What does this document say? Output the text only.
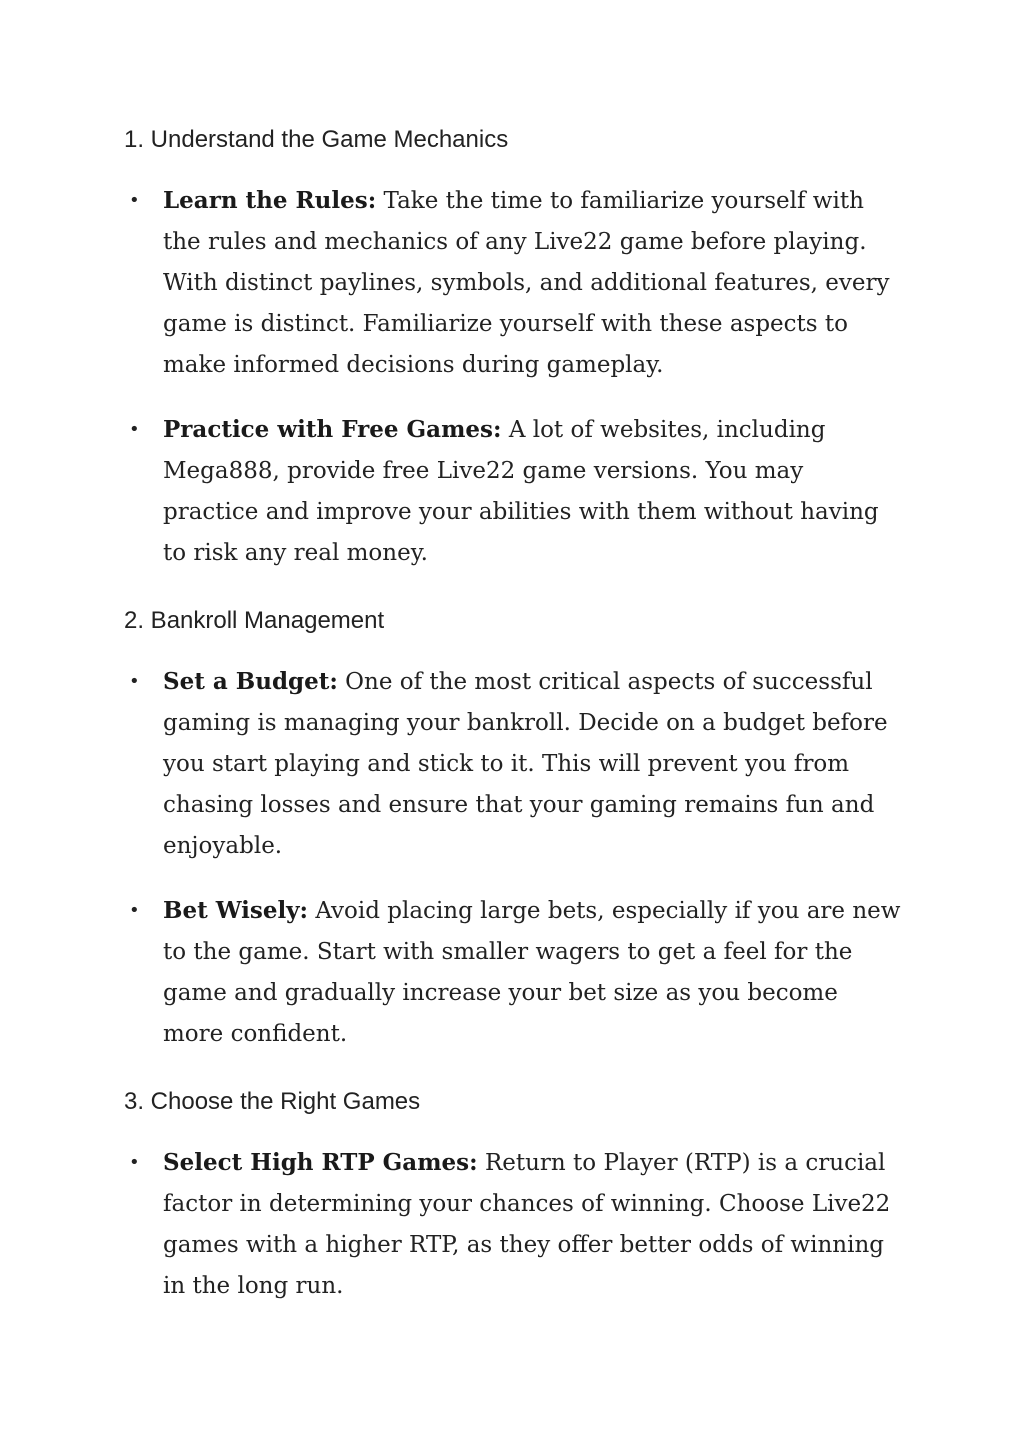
1. Understand the Game Mechanics
• Learn the Rules: Take the time to familiarize yourself with the rules and mechanics of any Live22 game before playing. With distinct paylines, symbols, and additional features, every game is distinct. Familiarize yourself with these aspects to make informed decisions during gameplay.
• Practice with Free Games: A lot of websites, including Mega888, provide free Live22 game versions. You may practice and improve your abilities with them without having to risk any real money.
2. Bankroll Management
• Set a Budget: One of the most critical aspects of successful gaming is managing your bankroll. Decide on a budget before you start playing and stick to it. This will prevent you from chasing losses and ensure that your gaming remains fun and enjoyable.
• Bet Wisely: Avoid placing large bets, especially if you are new to the game. Start with smaller wagers to get a feel for the game and gradually increase your bet size as you become more confident.
3. Choose the Right Games
• Select High RTP Games: Return to Player (RTP) is a crucial factor in determining your chances of winning. Choose Live22 games with a higher RTP, as they offer better odds of winning in the long run.
